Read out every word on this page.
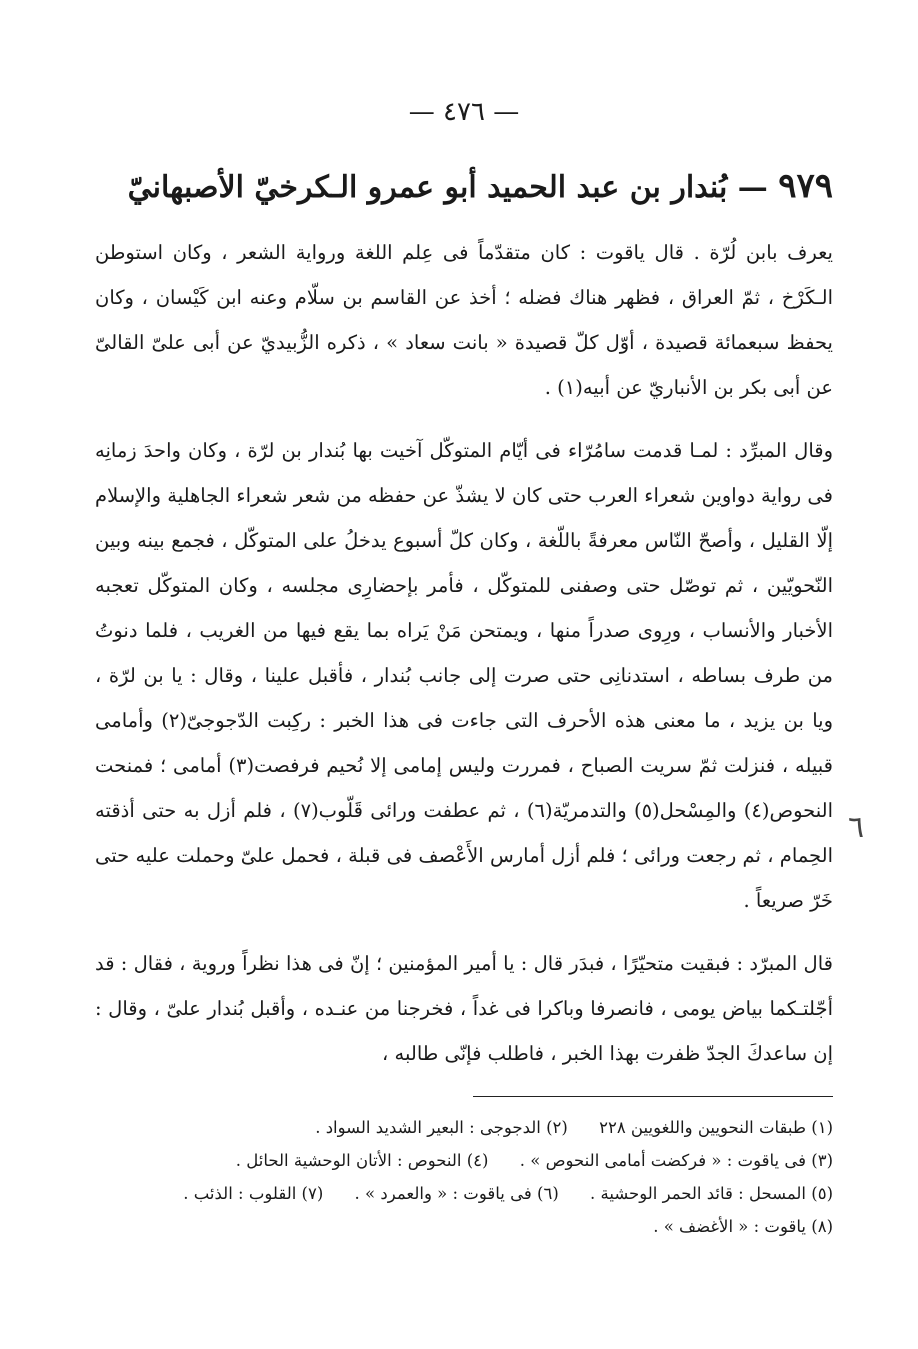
— ٤٧٦ —
٩٧٩ — بُندار بن عبد الحميد أبو عمرو الـكرخيّ الأصبهانيّ

يعرف بابن لُرّة . قال ياقوت : كان متقدّماً فى عِلم اللغة ورواية الشعر ، وكان استوطن الـكَرْخ ، ثمّ العراق ، فظهر هناك فضله ؛ أخذ عن القاسم بن سلّام وعنه ابن كَيْسان ، وكان يحفظ سبعمائة قصيدة ، أوّل كلّ قصيدة « بانت سعاد » ، ذكره الزُّبيديّ عن أبى علىّ القالىّ عن أبى بكر بن الأنباريّ عن أبيه(١) .

وقال المبرِّد : لمـا قدمت سامُرّاء فى أيّام المتوكّل آخيت بها بُندار بن لرّة ، وكان واحدَ زمانِه فى رواية دواوين شعراء العرب حتى كان لا يشذّ عن حفظه من شعر شعراء الجاهلية والإسلام إلّا القليل ، وأصحّ النّاس معرفةً باللّغة ، وكان كلّ أسبوع يدخلُ على المتوكّل ، فجمع بينه وبين النّحويّين ، ثم توصّل حتى وصفنى للمتوكّل ، فأمر بإحضارِى مجلسه ، وكان المتوكّل تعجبه الأخبار والأنساب ، ورِوى صدراً منها ، ويمتحن مَنْ يَراه بما يقع فيها من الغريب ، فلما دنوتُ من طرف بساطه ، استدنانِى حتى صرت إلى جانب بُندار ، فأقبل علينا ، وقال : يا بن لرّة ، ويا بن يزيد ، ما معنى هذه الأحرف التى جاءت فى هذا الخبر : ركِبت الدّجوجىّ(٢) وأمامى قبيله ، فنزلت ثمّ سريت الصباح ، فمررت وليس إمامى إلا نُحيم فرفصت(٣) أمامى ؛ فمنحت النحوص(٤) والمِسْحل(٥) والتدمريّة(٦) ، ثم عطفت ورائى قَلّوب(٧) ، فلم أزل به حتى أذقته الحِمام ، ثم رجعت ورائى ؛ فلم أزل أمارس الأَعْصف فى قبلة ، فحمل علىّ وحملت عليه حتى خَرّ صريعاً .

قال المبرّد : فبقيت متحيّرًا ، فبدَر قال : يا أمير المؤمنين ؛ إنّ فى هذا نظراً وروية ، فقال : قد أجّلتـكما بياض يومى ، فانصرفا وباكرا فى غداً ، فخرجنا من عنـده ، وأقبل بُندار علىّ ، وقال : إن ساعدكَ الجدّ ظفرت بهذا الخبر ، فاطلب فإنّى طالبه ،

(١) طبقات النحويين واللغويين ٢٢٨ (٢) الدجوجى : البعير الشديد السواد .
(٣) فى ياقوت : « فركضت أمامى النحوص » . (٤) النحوص : الأتان الوحشية الحائل .
(٥) المسحل : قائد الحمر الوحشية . (٦) فى ياقوت : « والعمرد » . (٧) القلوب : الذئب .
(٨) ياقوت : « الأغضف » .
٦
